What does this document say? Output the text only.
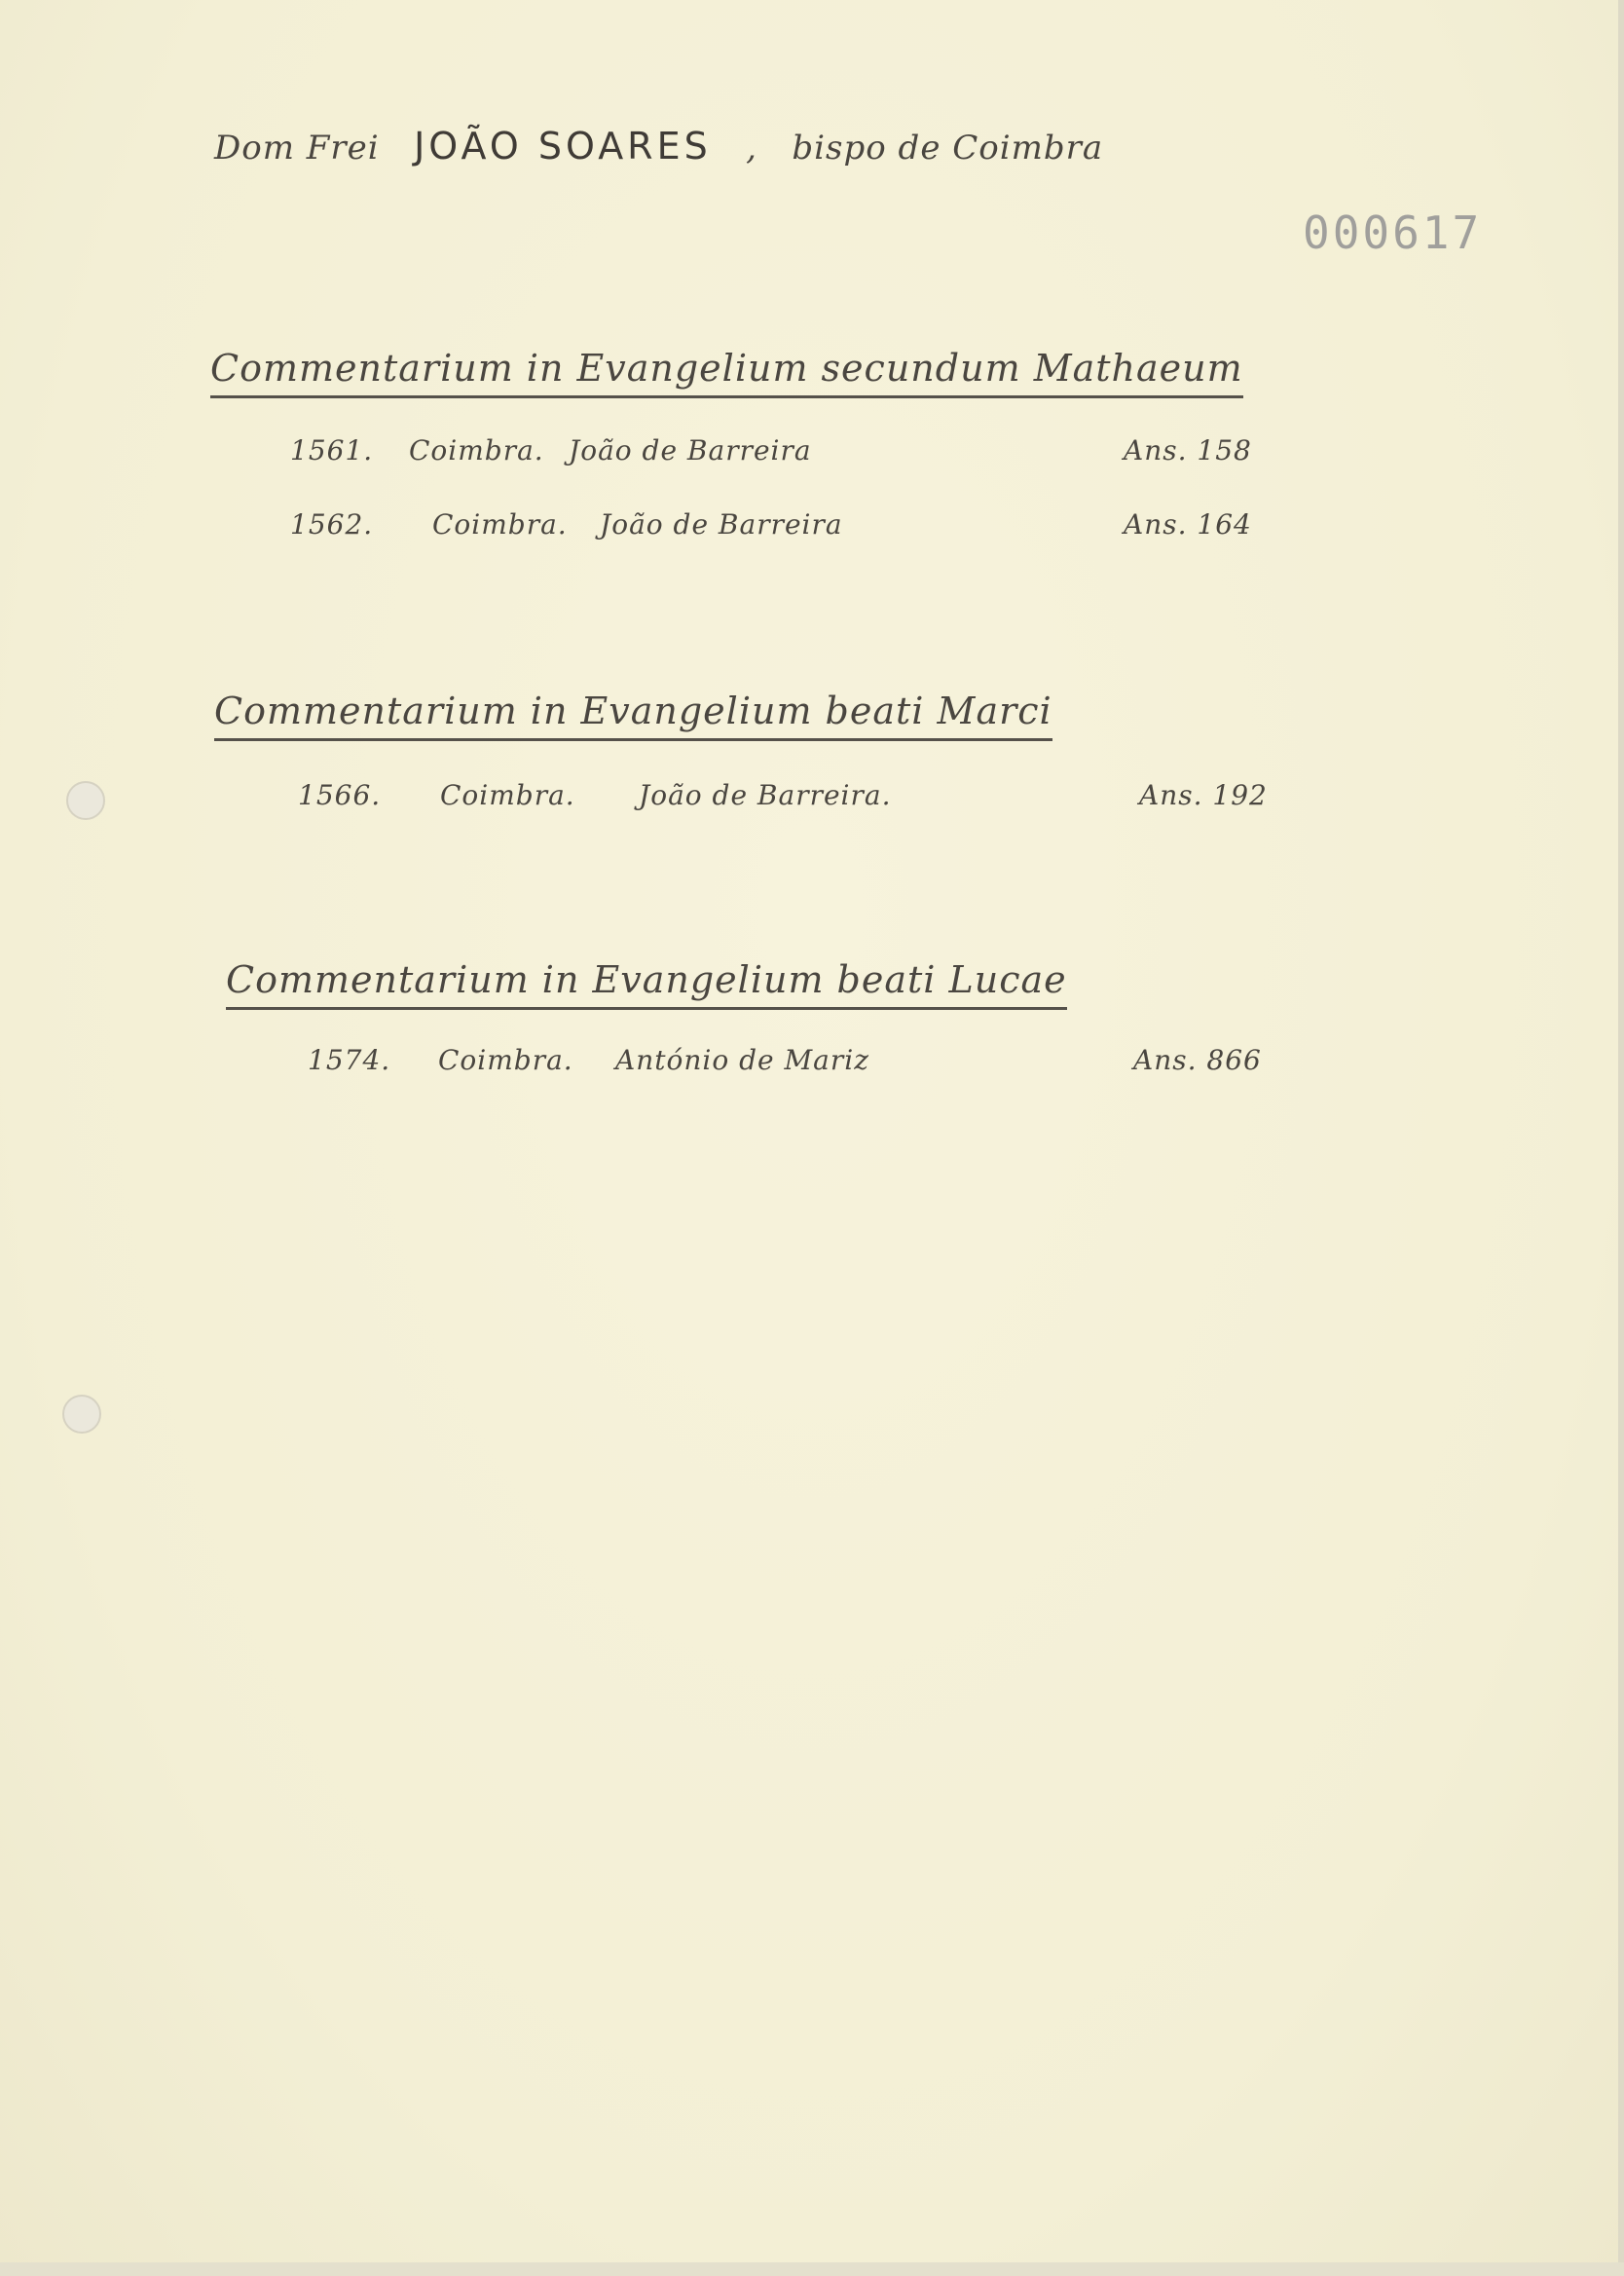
Dom Frei JOÃO SOARES , bispo de Coimbra
000617
Commentarium in Evangelium secundum Mathaeum
1561. Coimbra. João de Barreira	Ans. 158
1562. Coimbra. João de Barreira	Ans. 164
Commentarium in Evangelium beati Marci
1566. Coimbra. João de Barreira.	Ans. 192
Commentarium in Evangelium beati Lucae
1574. Coimbra. António de Mariz	Ans. 866
